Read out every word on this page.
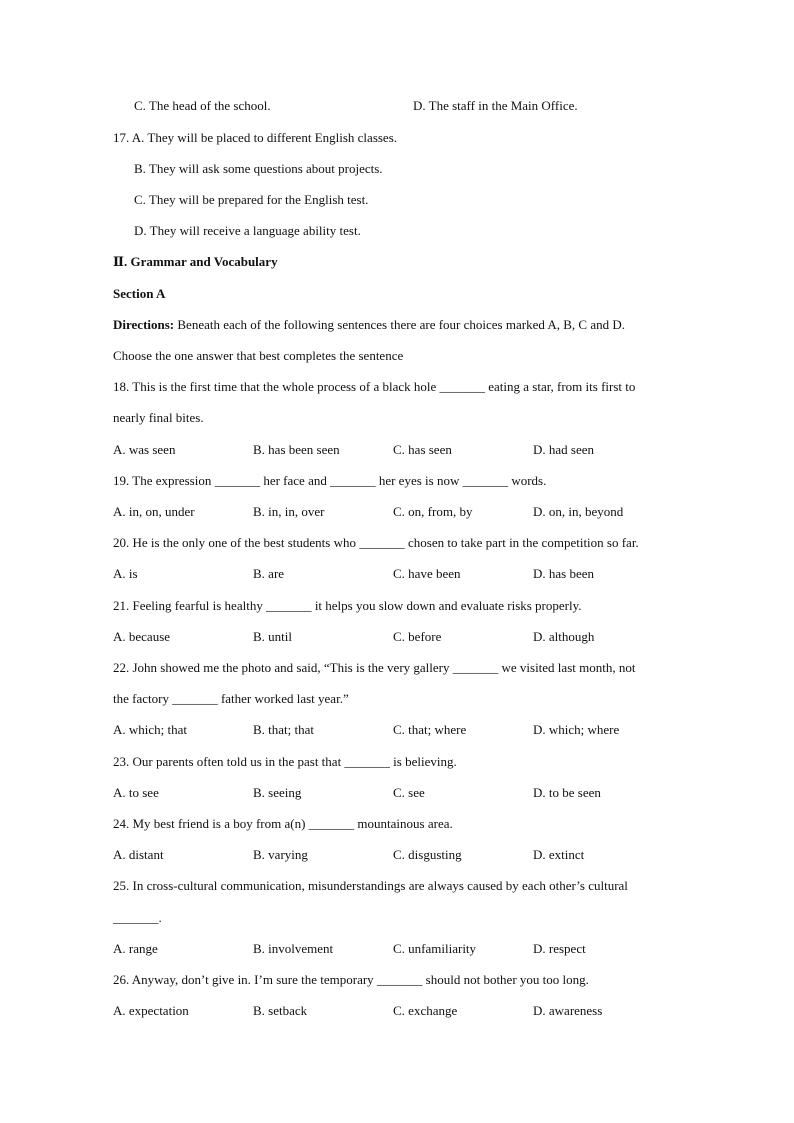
C. The head of the school.	D. The staff in the Main Office.
17. A. They will be placed to different English classes.
B. They will ask some questions about projects.
C. They will be prepared for the English test.
D. They will receive a language ability test.
Ⅱ. Grammar and Vocabulary
Section A
Directions: Beneath each of the following sentences there are four choices marked A, B, C and D.
Choose the one answer that best completes the sentence
18. This is the first time that the whole process of a black hole _______ eating a star, from its first to
nearly final bites.
A. was seen	B. has been seen	C. has seen	D. had seen
19. The expression _______ her face and _______ her eyes is now _______ words.
A. in, on, under	B. in, in, over	C. on, from, by	D. on, in, beyond
20. He is the only one of the best students who _______ chosen to take part in the competition so far.
A. is	B. are	C. have been	D. has been
21. Feeling fearful is healthy _______ it helps you slow down and evaluate risks properly.
A. because	B. until	C. before	D. although
22. John showed me the photo and said, “This is the very gallery _______ we visited last month, not
the factory _______ father worked last year.”
A. which; that	B. that; that	C. that; where	D. which; where
23. Our parents often told us in the past that _______ is believing.
A. to see	B. seeing	C. see	D. to be seen
24. My best friend is a boy from a(n) _______ mountainous area.
A. distant	B. varying	C. disgusting	D. extinct
25. In cross-cultural communication, misunderstandings are always caused by each other’s cultural
_______.
A. range	B. involvement	C. unfamiliarity	D. respect
26. Anyway, don’t give in. I’m sure the temporary _______ should not bother you too long.
A. expectation	B. setback	C. exchange	D. awareness
